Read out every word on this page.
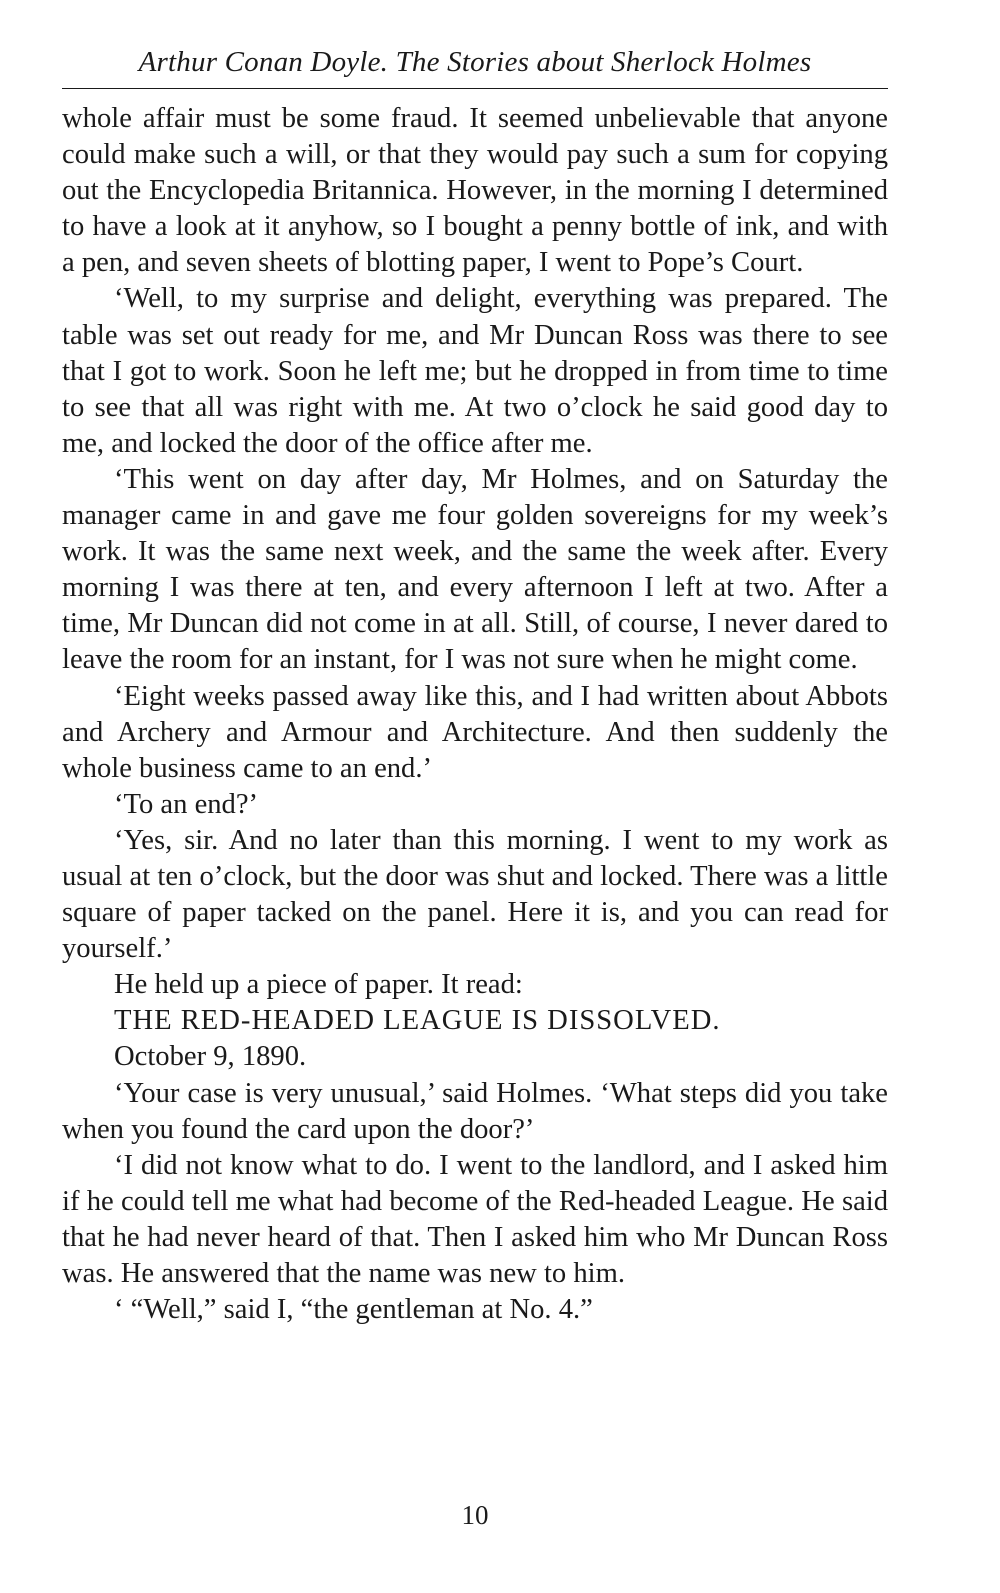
Arthur Conan Doyle. The Stories about Sherlock Holmes

whole affair must be some fraud. It seemed unbelievable that anyone could make such a will, or that they would pay such a sum for copying out the Encyclopedia Britannica. However, in the morning I determined to have a look at it anyhow, so I bought a penny bottle of ink, and with a pen, and seven sheets of blotting paper, I went to Pope’s Court.

‘Well, to my surprise and delight, everything was prepared. The table was set out ready for me, and Mr Duncan Ross was there to see that I got to work. Soon he left me; but he dropped in from time to time to see that all was right with me. At two o’clock he said good day to me, and locked the door of the office after me.

‘This went on day after day, Mr Holmes, and on Saturday the manager came in and gave me four golden sovereigns for my week’s work. It was the same next week, and the same the week after. Every morning I was there at ten, and every afternoon I left at two. After a time, Mr Duncan did not come in at all. Still, of course, I never dared to leave the room for an instant, for I was not sure when he might come.

‘Eight weeks passed away like this, and I had written about Abbots and Archery and Armour and Architecture. And then suddenly the whole business came to an end.’

‘To an end?’

‘Yes, sir. And no later than this morning. I went to my work as usual at ten o’clock, but the door was shut and locked. There was a little square of paper tacked on the panel. Here it is, and you can read for yourself.’

He held up a piece of paper. It read:

THE RED-HEADED LEAGUE IS DISSOLVED.

October 9, 1890.

‘Your case is very unusual,’ said Holmes. ‘What steps did you take when you found the card upon the door?’

‘I did not know what to do. I went to the landlord, and I asked him if he could tell me what had become of the Red-headed League. He said that he had never heard of that. Then I asked him who Mr Duncan Ross was. He answered that the name was new to him.

‘ “Well,” said I, “the gentleman at No. 4.”

10
